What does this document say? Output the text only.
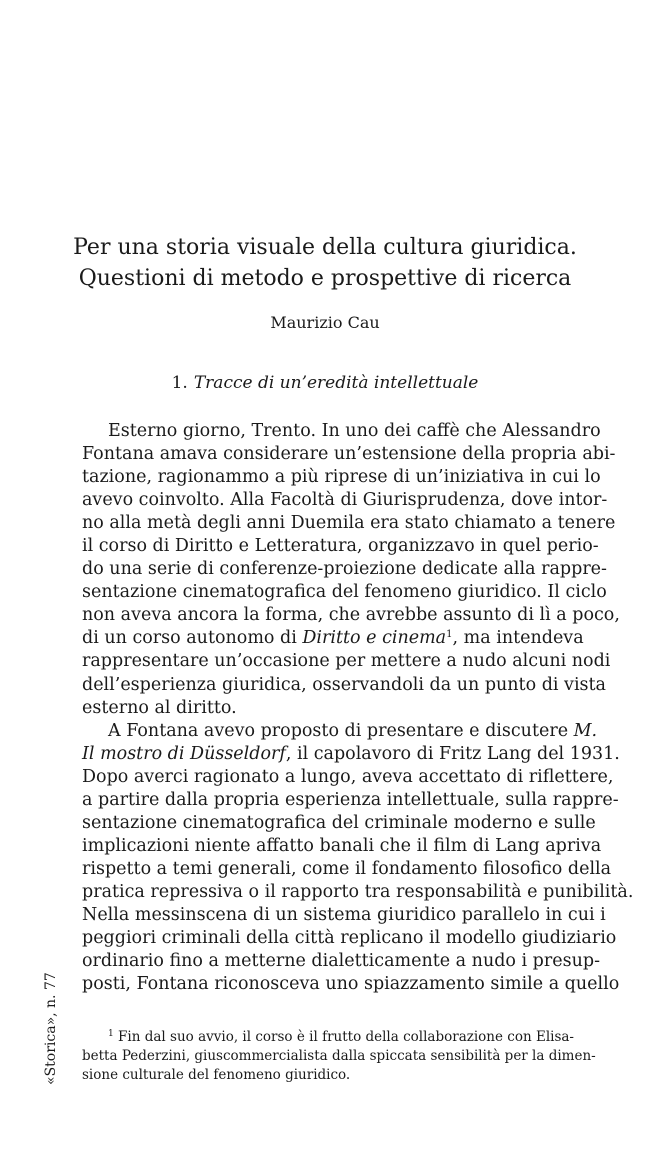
Per una storia visuale della cultura giuridica.
Questioni di metodo e prospettive di ricerca
Maurizio Cau
1. Tracce di un’eredità intellettuale
Esterno giorno, Trento. In uno dei caffè che Alessandro
Fontana amava considerare un’estensione della propria abi-
tazione, ragionammo a più riprese di un’iniziativa in cui lo
avevo coinvolto. Alla Facoltà di Giurisprudenza, dove intor-
no alla metà degli anni Duemila era stato chiamato a tenere
il corso di Diritto e Letteratura, organizzavo in quel perio-
do una serie di conferenze-proiezione dedicate alla rappre-
sentazione cinematografica del fenomeno giuridico. Il ciclo
non aveva ancora la forma, che avrebbe assunto di lì a poco,
di un corso autonomo di Diritto e cinema$^1$, ma intendeva
rappresentare un’occasione per mettere a nudo alcuni nodi
dell’esperienza giuridica, osservandoli da un punto di vista
esterno al diritto.
A Fontana avevo proposto di presentare e discutere M.
Il mostro di Düsseldorf, il capolavoro di Fritz Lang del 1931.
Dopo averci ragionato a lungo, aveva accettato di riflettere,
a partire dalla propria esperienza intellettuale, sulla rappre-
sentazione cinematografica del criminale moderno e sulle
implicazioni niente affatto banali che il film di Lang apriva
rispetto a temi generali, come il fondamento filosofico della
pratica repressiva o il rapporto tra responsabilità e punibilità.
Nella messinscena di un sistema giuridico parallelo in cui i
peggiori criminali della città replicano il modello giudiziario
ordinario fino a metterne dialetticamente a nudo i presup-
posti, Fontana riconosceva uno spiazzamento simile a quello
$^1$ Fin dal suo avvio, il corso è il frutto della collaborazione con Elisa-
betta Pederzini, giuscommercialista dalla spiccata sensibilità per la dimen-
sione culturale del fenomeno giuridico.
«Storica», n. 77
